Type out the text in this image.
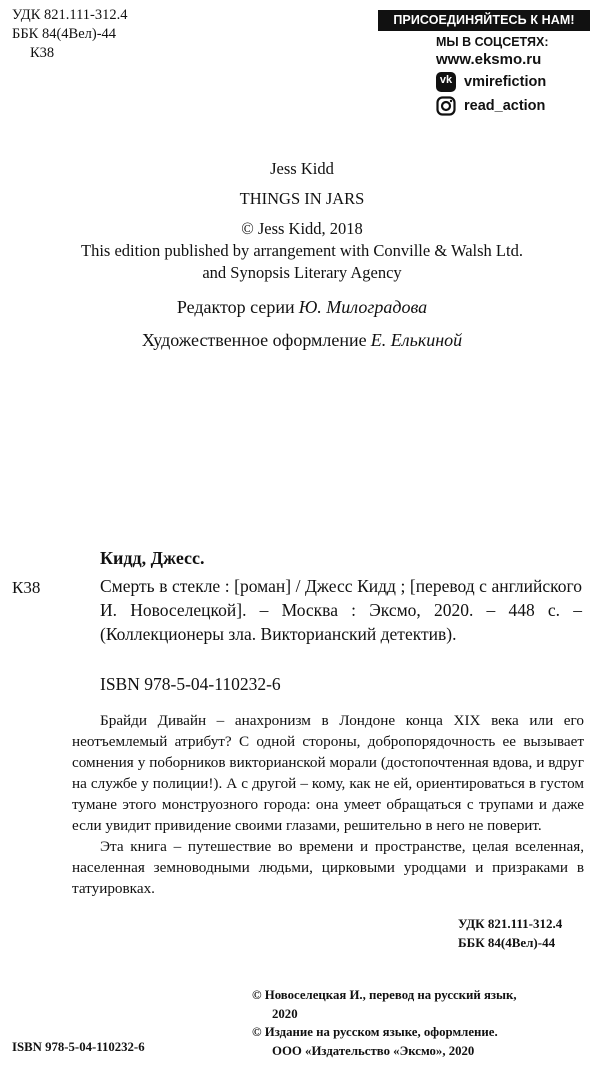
УДК 821.111-312.4
ББК 84(4Вел)-44
К38
ПРИСОЕДИНЯЙТЕСЬ К НАМ!
МЫ В СОЦСЕТЯХ:
www.eksmo.ru
vk vmirefiction
read_action
Jess Kidd
THINGS IN JARS
© Jess Kidd, 2018
This edition published by arrangement with Conville & Walsh Ltd.
and Synopsis Literary Agency
Редактор серии Ю. Милоградова
Художественное оформление Е. Елькиной
Кидд, Джесс.
К38	Смерть в стекле : [роман] / Джесс Кидд ; [перевод с английского И. Новоселецкой]. – Москва : Эксмо, 2020. – 448 с. – (Коллекционеры зла. Викторианский детектив).
ISBN 978-5-04-110232-6

Брайди Дивайн – анахронизм в Лондоне конца XIX века или его неотъемлемый атрибут? С одной стороны, добропорядочность ее вызывает сомнения у поборников викторианской морали (достопочтенная вдова, и вдруг на службе у полиции!). А с другой – кому, как не ей, ориентироваться в густом тумане этого монструозного города: она умеет обращаться с трупами и даже если увидит привидение своими глазами, решительно в него не поверит.

Эта книга – путешествие во времени и пространстве, целая вселенная, населенная земноводными людьми, цирковыми уродцами и призраками в татуировках.

УДК 821.111-312.4
ББК 84(4Вел)-44
© Новоселецкая И., перевод на русский язык,
2020
© Издание на русском языке, оформление.
ООО «Издательство «Эксмо», 2020
ISBN 978-5-04-110232-6
